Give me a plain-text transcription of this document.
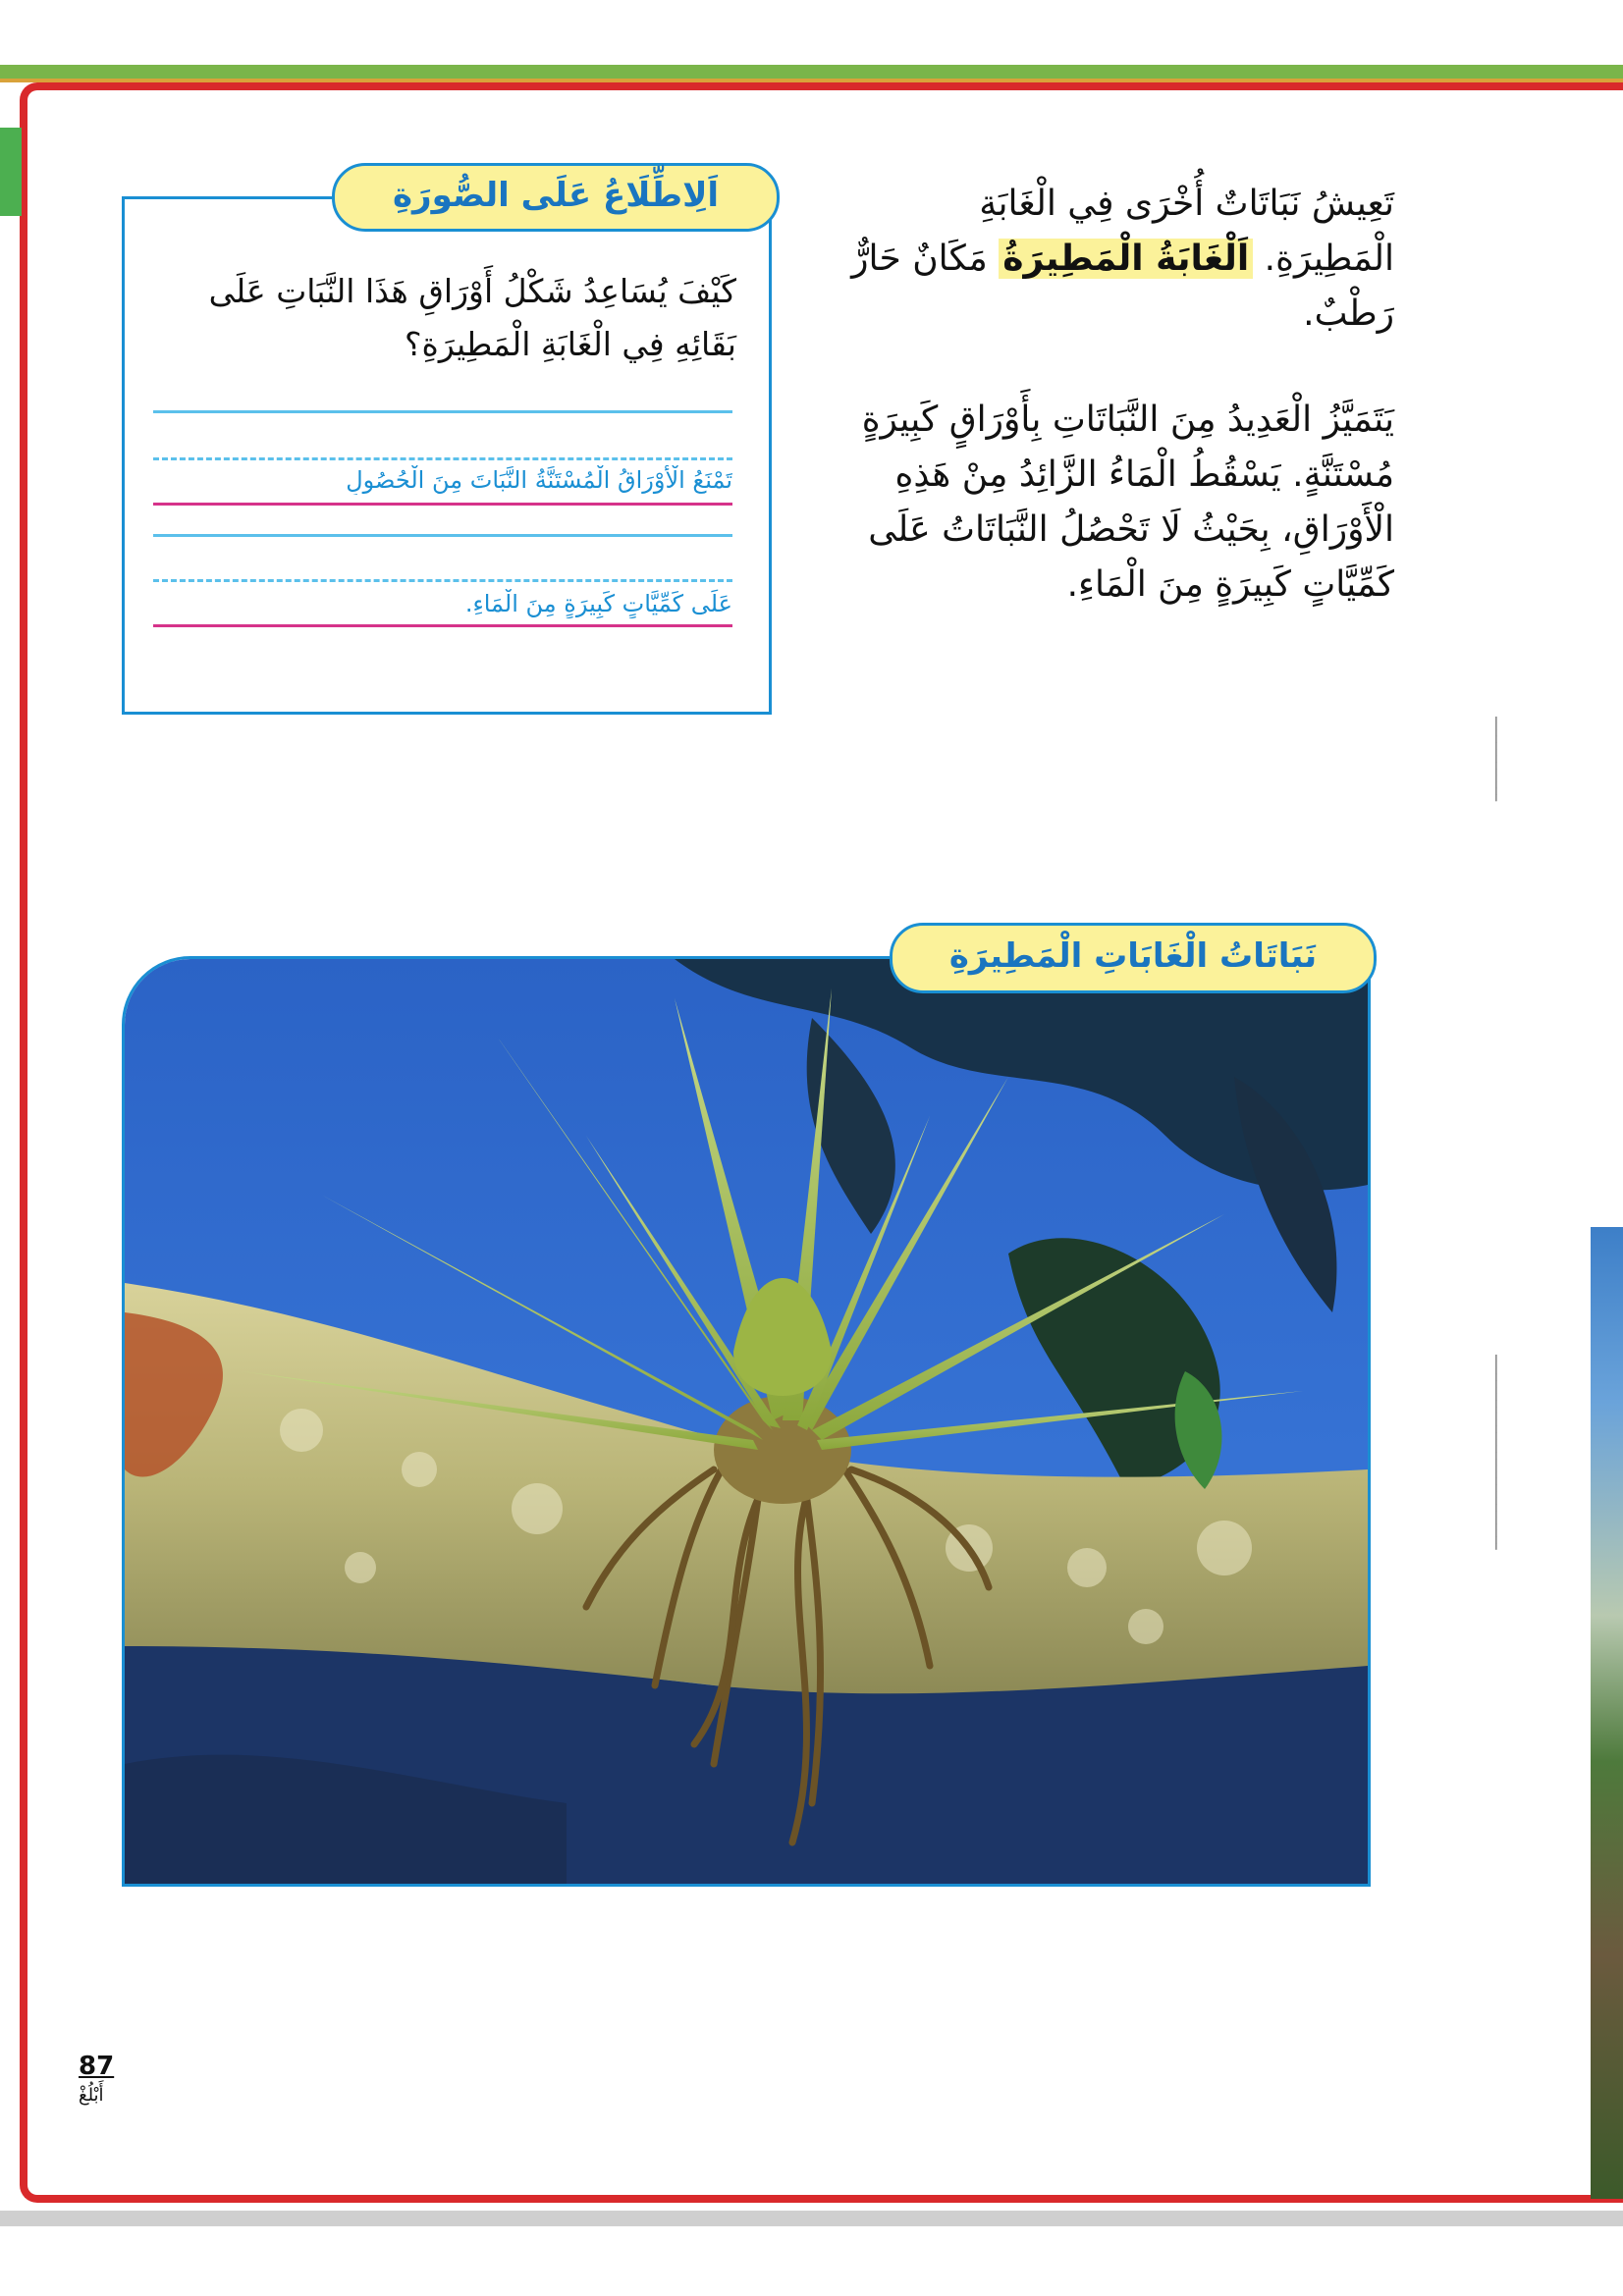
تَعِيشُ نَبَاتَاتٌ أُخْرَى فِي الْغَابَةِ الْمَطِيرَةِ. اَلْغَابَةُ الْمَطِيرَةُ مَكَانٌ حَارٌّ رَطْبٌ.
يَتَمَيَّزُ الْعَدِيدُ مِنَ النَّبَاتَاتِ بِأَوْرَاقٍ كَبِيرَةٍ مُسْتَنَّةٍ. يَسْقُطُ الْمَاءُ الزَّائِدُ مِنْ هَذِهِ الْأَوْرَاقِ، بِحَيْثُ لَا تَحْصُلُ النَّبَاتَاتُ عَلَى كَمِّيَّاتٍ كَبِيرَةٍ مِنَ الْمَاءِ.
اَلِاطِّلَاعُ عَلَى الصُّورَةِ
كَيْفَ يُسَاعِدُ شَكْلُ أَوْرَاقِ هَذَا النَّبَاتِ عَلَى بَقَائِهِ فِي الْغَابَةِ الْمَطِيرَةِ؟
تَمْنَعُ الْأَوْرَاقُ الْمُسْتَنَّةُ النَّبَاتَ مِنَ الْحُصُولِ
عَلَى كَمِّيَّاتٍ كَبِيرَةٍ مِنَ الْمَاءِ.
نَبَاتَاتُ الْغَابَاتِ الْمَطِيرَةِ
─────────────
──────────────────────────────
87
أَبْلُغْ
